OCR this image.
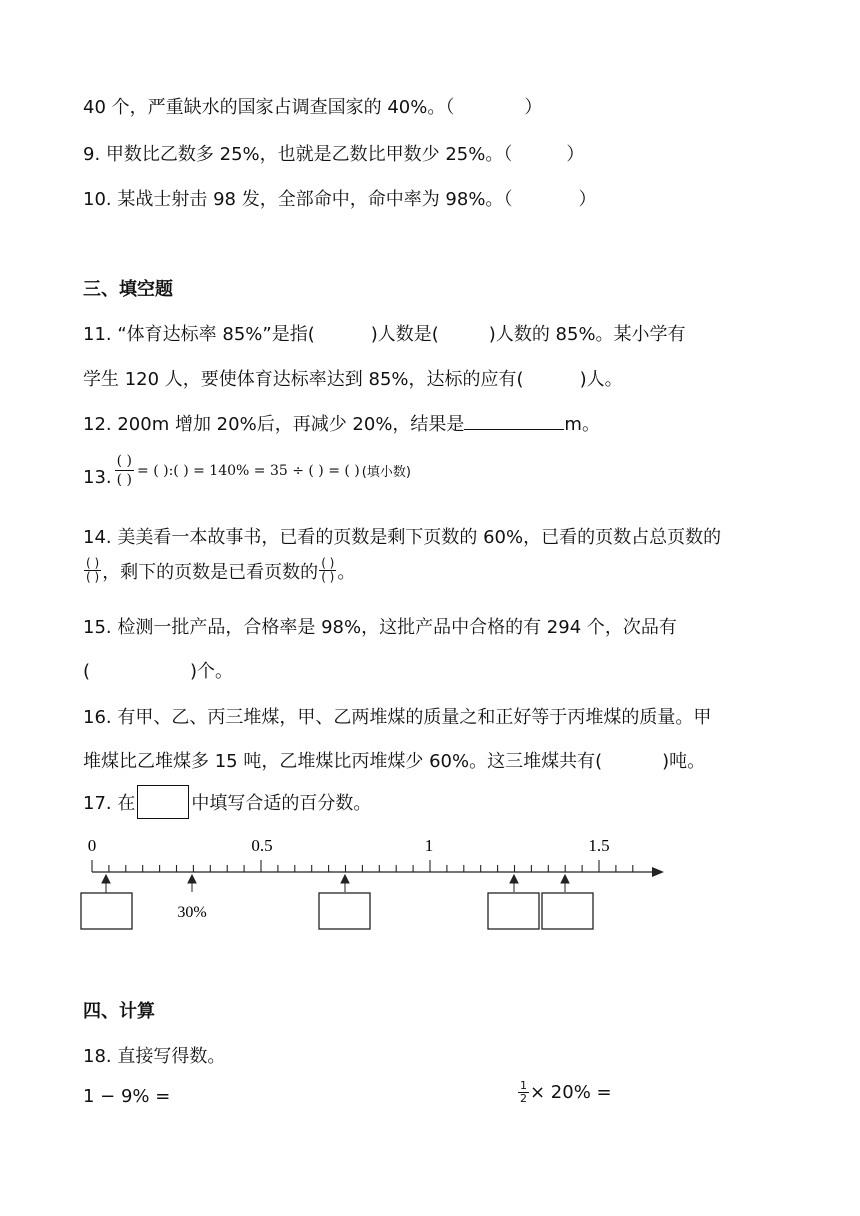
40 个，严重缺水的国家占调查国家的 40%。（	）
9. 甲数比乙数多 25%，也就是乙数比甲数少 25%。（	）
10. 某战士射击 98 发，全部命中，命中率为 98%。（	）
三、填空题
11. “体育达标率 85%”是指(	)人数是(	)人数的 85%。某小学有
学生 120 人，要使体育达标率达到 85%，达标的应有(	)人。
12. 200m 增加 20%后，再减少 20%，结果是	m。
13. $\frac{( )}{( )}$ = ( ):( ) = 140% = 35 ÷ ( ) = ( ) (填小数)
14. 美美看一本故事书，已看的页数是剩下页数的 60%，已看的页数占总页数的
$\frac{( )}{( )}$ ，剩下的页数是已看页数的 $\frac{( )}{( )}$ 。
15. 检测一批产品，合格率是 98%，这批产品中合格的有 294 个，次品有
(	)个。
16. 有甲、乙、丙三堆煤，甲、乙两堆煤的质量之和正好等于丙堆煤的质量。甲
堆煤比乙堆煤多 15 吨，乙堆煤比丙堆煤少 60%。这三堆煤共有(	)吨。
17. 在	中填写合适的百分数。
0	0.5	1	1.5
30%
四、计算
18. 直接写得数。
1 − 9% =	$\frac{1}{2} \times 20\%$ =
